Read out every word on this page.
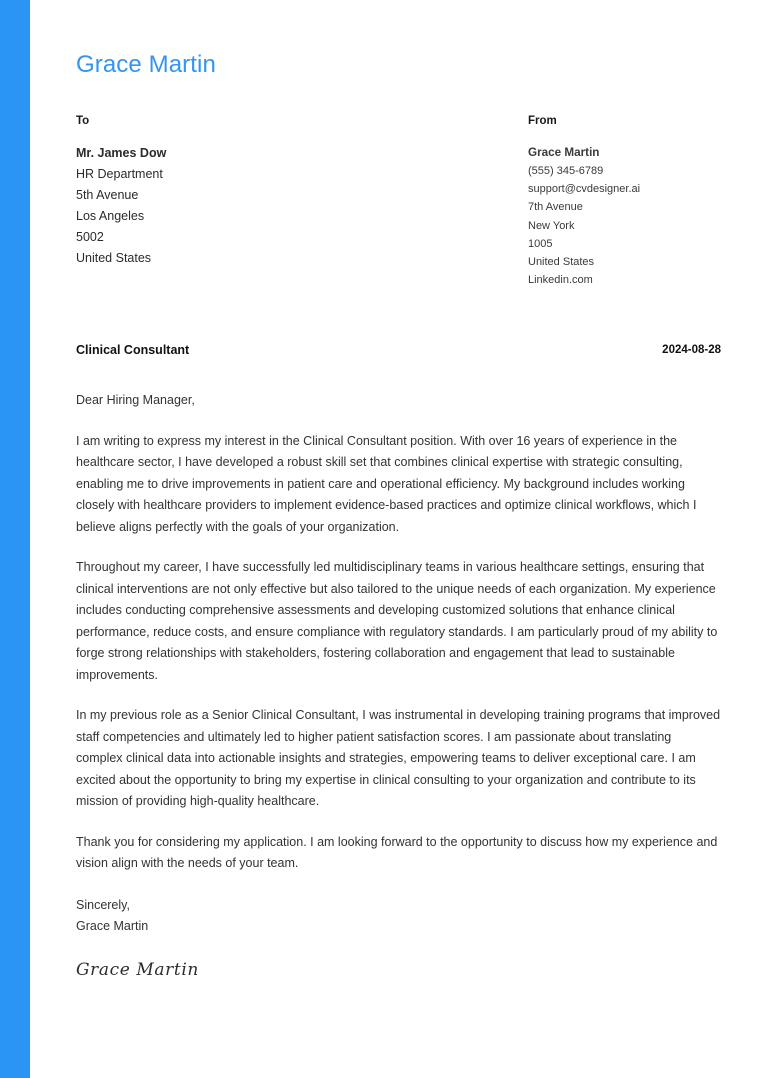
Grace Martin
To
Mr. James Dow
HR Department
5th Avenue
Los Angeles
5002
United States
From
Grace Martin
(555) 345-6789
support@cvdesigner.ai
7th Avenue
New York
1005
United States
Linkedin.com
Clinical Consultant	2024-08-28
Dear Hiring Manager,

I am writing to express my interest in the Clinical Consultant position. With over 16 years of experience in the healthcare sector, I have developed a robust skill set that combines clinical expertise with strategic consulting, enabling me to drive improvements in patient care and operational efficiency. My background includes working closely with healthcare providers to implement evidence-based practices and optimize clinical workflows, which I believe aligns perfectly with the goals of your organization.

Throughout my career, I have successfully led multidisciplinary teams in various healthcare settings, ensuring that clinical interventions are not only effective but also tailored to the unique needs of each organization. My experience includes conducting comprehensive assessments and developing customized solutions that enhance clinical performance, reduce costs, and ensure compliance with regulatory standards. I am particularly proud of my ability to forge strong relationships with stakeholders, fostering collaboration and engagement that lead to sustainable improvements.

In my previous role as a Senior Clinical Consultant, I was instrumental in developing training programs that improved staff competencies and ultimately led to higher patient satisfaction scores. I am passionate about translating complex clinical data into actionable insights and strategies, empowering teams to deliver exceptional care. I am excited about the opportunity to bring my expertise in clinical consulting to your organization and contribute to its mission of providing high-quality healthcare.

Thank you for considering my application. I am looking forward to the opportunity to discuss how my experience and vision align with the needs of your team.

Sincerely,
Grace Martin
Grace Martin
